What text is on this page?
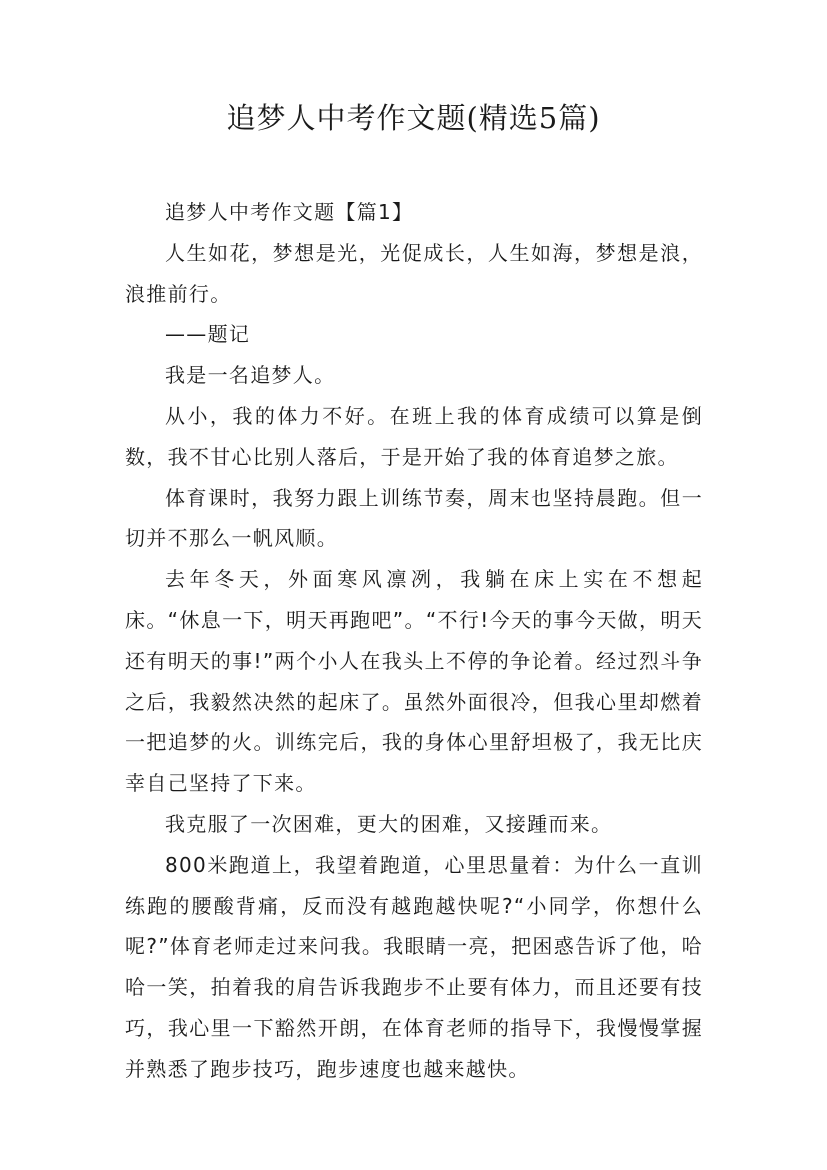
追梦人中考作文题(精选5篇)

追梦人中考作文题【篇1】

人生如花，梦想是光，光促成长，人生如海，梦想是浪，浪推前行。

——题记

我是一名追梦人。

从小，我的体力不好。在班上我的体育成绩可以算是倒数，我不甘心比别人落后，于是开始了我的体育追梦之旅。

体育课时，我努力跟上训练节奏，周末也坚持晨跑。但一切并不那么一帆风顺。

去年冬天，外面寒风凛冽，我躺在床上实在不想起床。“休息一下，明天再跑吧”。“不行!今天的事今天做，明天还有明天的事!”两个小人在我头上不停的争论着。经过烈斗争之后，我毅然决然的起床了。虽然外面很冷，但我心里却燃着一把追梦的火。训练完后，我的身体心里舒坦极了，我无比庆幸自己坚持了下来。

我克服了一次困难，更大的困难，又接踵而来。

800米跑道上，我望着跑道，心里思量着：为什么一直训练跑的腰酸背痛，反而没有越跑越快呢?“小同学，你想什么呢?”体育老师走过来问我。我眼睛一亮，把困惑告诉了他，哈哈一笑，拍着我的肩告诉我跑步不止要有体力，而且还要有技巧，我心里一下豁然开朗，在体育老师的指导下，我慢慢掌握并熟悉了跑步技巧，跑步速度也越来越快。
